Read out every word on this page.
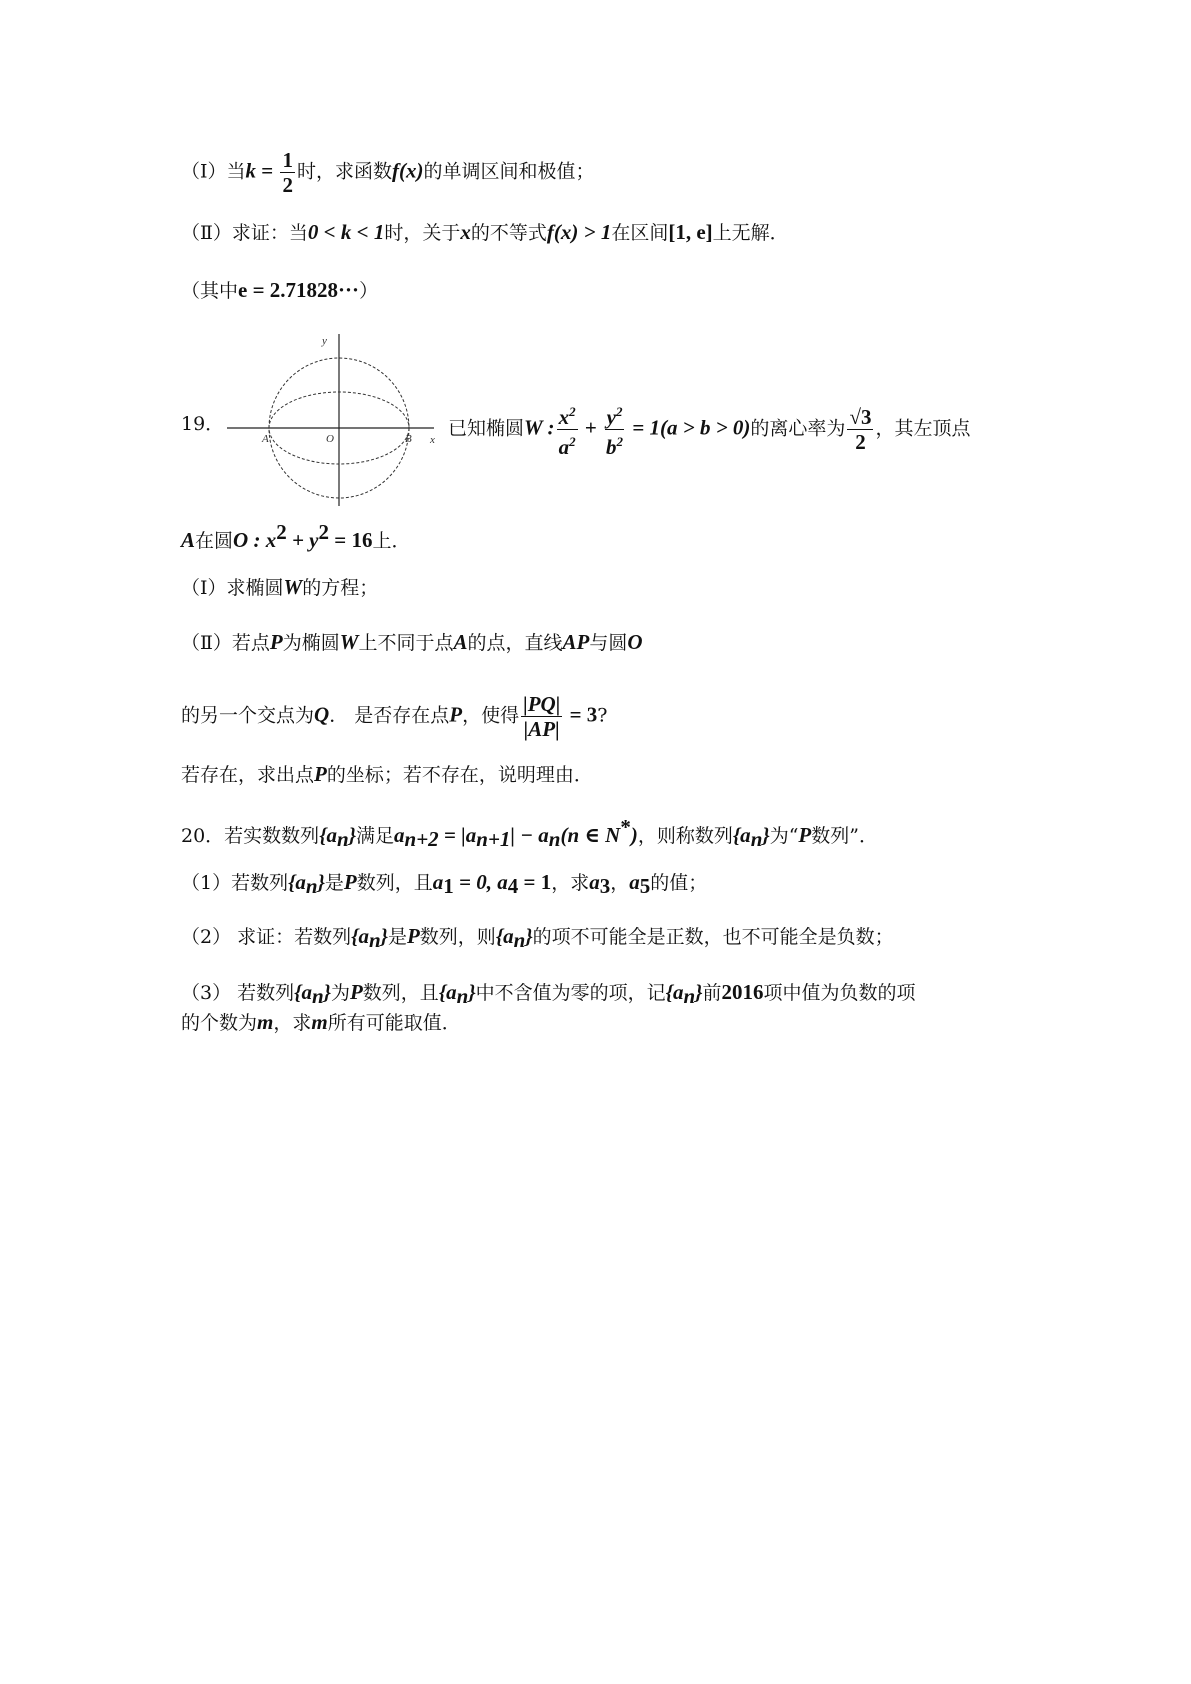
（Ⅰ）当$k = \frac{1}{2}$ 时，求函数f(x)的单调区间和极值；
（Ⅱ）求证：当0 < k < 1时，关于x的不等式f(x) > 1在区间[1, e]上无解．
（其中e = 2.71828···）
19．
y
x
A	O	B 已知椭圆W : $\frac{x^2}{a^2} + \frac{y^2}{b^2} = 1(a > b > 0)$的离心率为 $\frac{√3}{2}$ ，其左顶点
A在圆O : $x^2 + y^2 = 16$上．
（Ⅰ）求椭圆W的方程；
（Ⅱ）若点P为椭圆W上不同于点A的点，直线AP与圆O
的另一个交点为Q． 是否存在点P，使得 $\frac{|PQ|}{|AP|} = 3$?
若存在，求出点P的坐标；若不存在，说明理由．
20．若实数数列$\{a_n\}$满足$a_{n+2} = |a_{n+1}| - a_n(n$ ∈ N*)，则称数列$\{a_n\}$为“P数列”．
（1）若数列$\{a_n\}$是P数列，且$a_1 = 0$, $a_4 = 1$，求$a_3$，$a_5$的值；
（2） 求证：若数列$\{a_n\}$是P数列，则$\{a_n\}$的项不可能全是正数，也不可能全是负数；
（3） 若数列$\{a_n\}$为P数列，且$\{a_n\}$中不含值为零的项，记$\{a_n\}$前2016项中值为负数的项
的个数为m，求m所有可能取值．
